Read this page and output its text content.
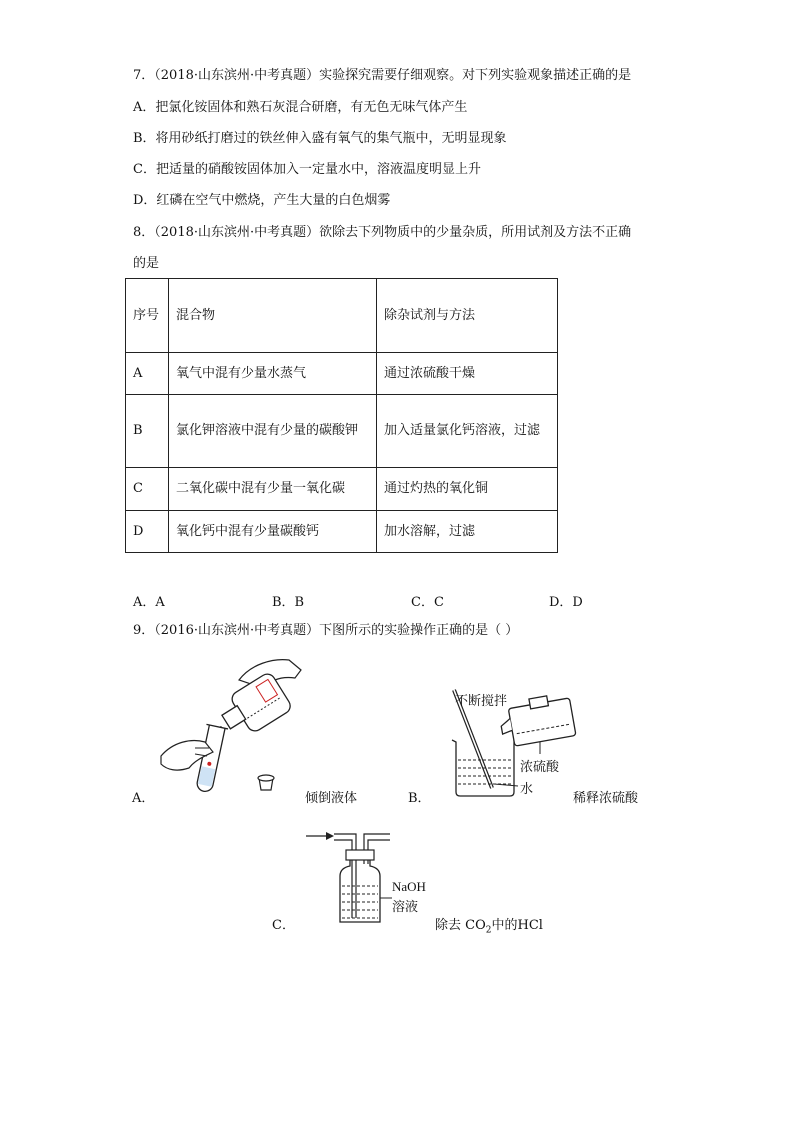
7．（2018·山东滨州·中考真题）实验探究需要仔细观察。对下列实验观象描述正确的是
A．把氯化铵固体和熟石灰混合研磨，有无色无味气体产生
B．将用砂纸打磨过的铁丝伸入盛有氧气的集气瓶中，无明显现象
C．把适量的硝酸铵固体加入一定量水中，溶液温度明显上升
D．红磷在空气中燃烧，产生大量的白色烟雾
8．（2018·山东滨州·中考真题）欲除去下列物质中的少量杂质，所用试剂及方法不正确
的是
序号	混合物	除杂试剂与方法
A	氧气中混有少量水蒸气	通过浓硫酸干燥
B	氯化钾溶液中混有少量的碳酸钾	加入适量氯化钙溶液，过滤
C	二氧化碳中混有少量一氧化碳	通过灼热的氧化铜
D	氧化钙中混有少量碳酸钙	加水溶解，过滤
A．A	B．B	C．C	D．D
9．（2016·山东滨州·中考真题）下图所示的实验操作正确的是（ ）
A．	倾倒液体
不断搅拌
浓硫酸
水
B．	稀释浓硫酸
NaOH
溶液
C．	除去 $CO_2$中的HCl
